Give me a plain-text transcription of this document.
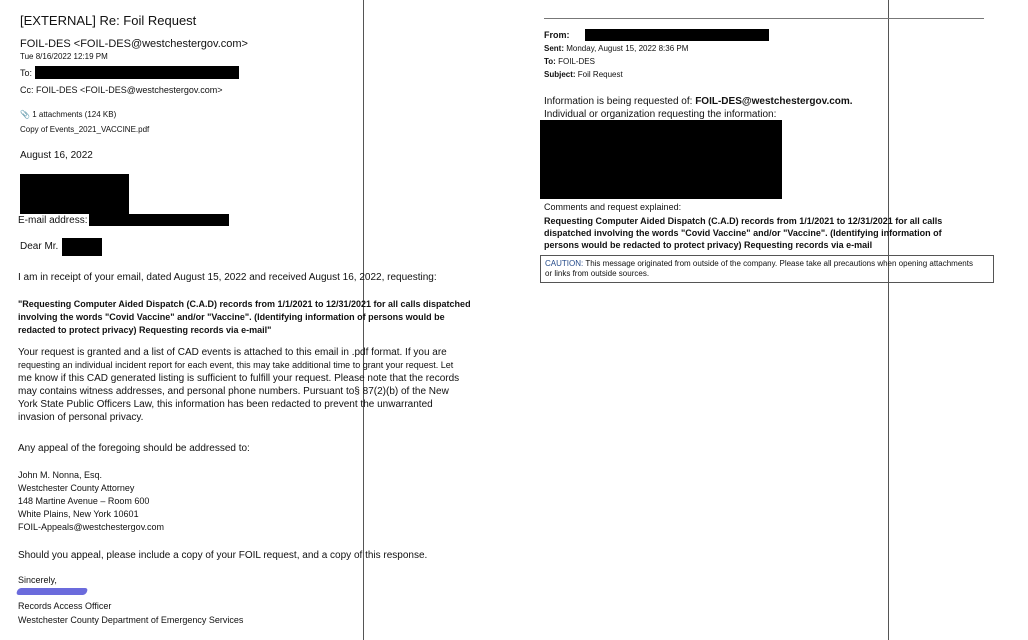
[EXTERNAL] Re: Foil Request
FOIL-DES <FOIL-DES@westchestergov.com>
Tue 8/16/2022 12:19 PM
To:
Cc: FOIL-DES <FOIL-DES@westchestergov.com>
📎 1 attachments (124 KB)
Copy of Events_2021_VACCINE.pdf
August 16, 2022
E-mail address:
Dear Mr.
I am in receipt of your email, dated August 15, 2022 and received August 16, 2022, requesting:
"Requesting Computer Aided Dispatch (C.A.D) records from 1/1/2021 to 12/31/2021 for all calls dispatched
involving the words "Covid Vaccine" and/or "Vaccine". (Identifying information of persons would be
redacted to protect privacy) Requesting records via e-mail"
Your request is granted and a list of CAD events is attached to this email in .pdf format. If you are
requesting an individual incident report for each event, this may take additional time to grant your request. Let
me know if this CAD generated listing is sufficient to fulfill your request. Please note that the records
may contains witness addresses, and personal phone numbers. Pursuant to§ 87(2)(b) of the New
York State Public Officers Law, this information has been redacted to prevent the unwarranted
invasion of personal privacy.
Any appeal of the foregoing should be addressed to:
John M. Nonna, Esq.
Westchester County Attorney
148 Martine Avenue – Room 600
White Plains, New York 10601
FOIL-Appeals@westchestergov.com
Should you appeal, please include a copy of your FOIL request, and a copy of this response.
Sincerely,
Records Access Officer
Westchester County Department of Emergency Services
From:
Sent: Monday, August 15, 2022 8:36 PM
To: FOIL-DES
Subject: Foil Request
Information is being requested of: FOIL-DES@westchestergov.com.
Individual or organization requesting the information:
Comments and request explained:
Requesting Computer Aided Dispatch (C.A.D) records from 1/1/2021 to 12/31/2021 for all calls
dispatched involving the words "Covid Vaccine" and/or "Vaccine". (Identifying information of
persons would be redacted to protect privacy) Requesting records via e-mail
CAUTION: This message originated from outside of the company. Please take all precautions when opening attachments
or links from outside sources.
